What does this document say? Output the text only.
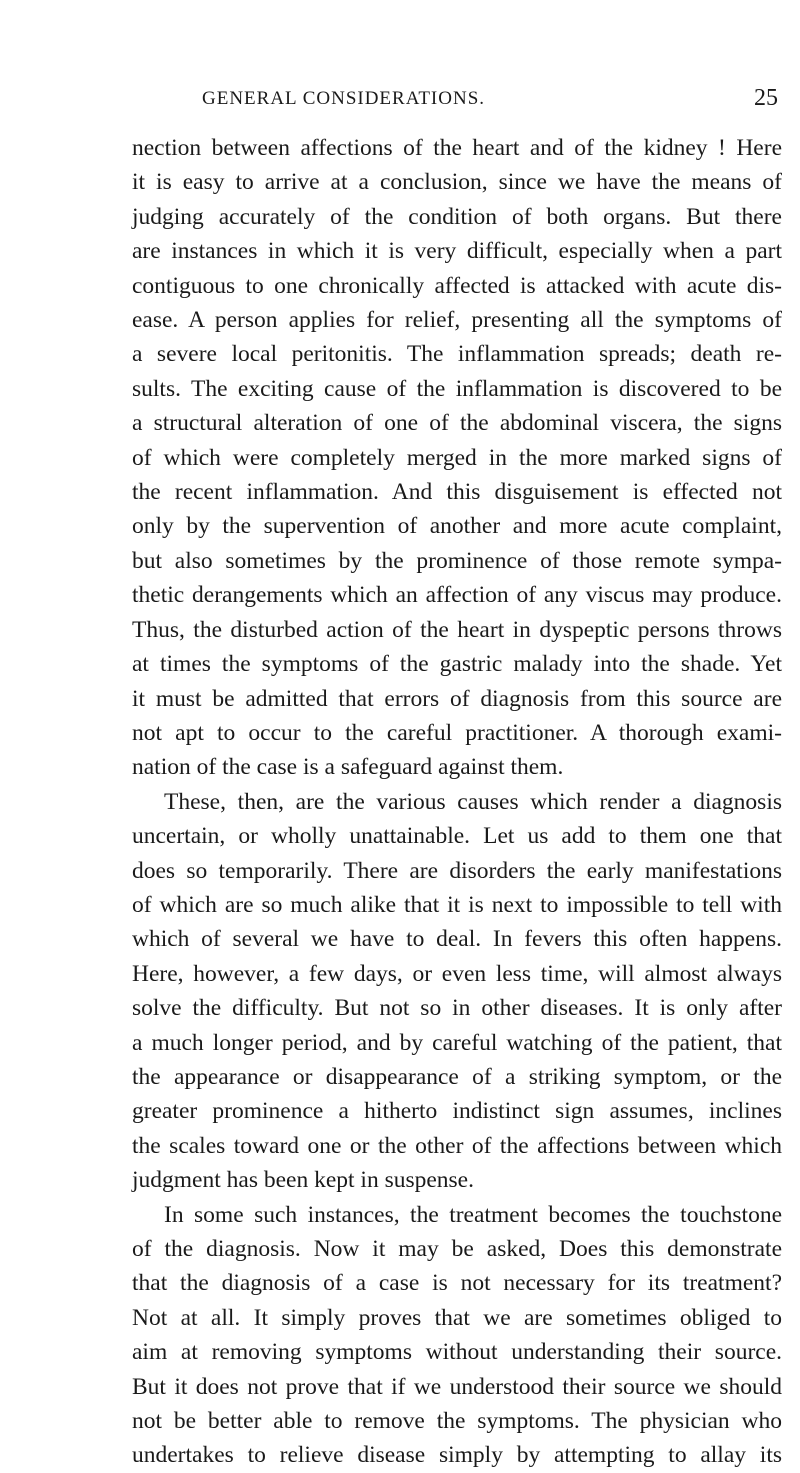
GENERAL CONSIDERATIONS.	25
nection between affections of the heart and of the kidney ! Here
it is easy to arrive at a conclusion, since we have the means of
judging accurately of the condition of both organs. But there
are instances in which it is very difficult, especially when a part
contiguous to one chronically affected is attacked with acute dis-
ease. A person applies for relief, presenting all the symptoms of
a severe local peritonitis. The inflammation spreads; death re-
sults. The exciting cause of the inflammation is discovered to be
a structural alteration of one of the abdominal viscera, the signs
of which were completely merged in the more marked signs of
the recent inflammation. And this disguisement is effected not
only by the supervention of another and more acute complaint,
but also sometimes by the prominence of those remote sympa-
thetic derangements which an affection of any viscus may produce.
Thus, the disturbed action of the heart in dyspeptic persons throws
at times the symptoms of the gastric malady into the shade. Yet
it must be admitted that errors of diagnosis from this source are
not apt to occur to the careful practitioner. A thorough exami-
nation of the case is a safeguard against them.
These, then, are the various causes which render a diagnosis
uncertain, or wholly unattainable. Let us add to them one that
does so temporarily. There are disorders the early manifestations
of which are so much alike that it is next to impossible to tell with
which of several we have to deal. In fevers this often happens.
Here, however, a few days, or even less time, will almost always
solve the difficulty. But not so in other diseases. It is only after
a much longer period, and by careful watching of the patient, that
the appearance or disappearance of a striking symptom, or the
greater prominence a hitherto indistinct sign assumes, inclines
the scales toward one or the other of the affections between which
judgment has been kept in suspense.
In some such instances, the treatment becomes the touchstone
of the diagnosis. Now it may be asked, Does this demonstrate
that the diagnosis of a case is not necessary for its treatment?
Not at all. It simply proves that we are sometimes obliged to
aim at removing symptoms without understanding their source.
But it does not prove that if we understood their source we should
not be better able to remove the symptoms. The physician who
undertakes to relieve disease simply by attempting to allay its
